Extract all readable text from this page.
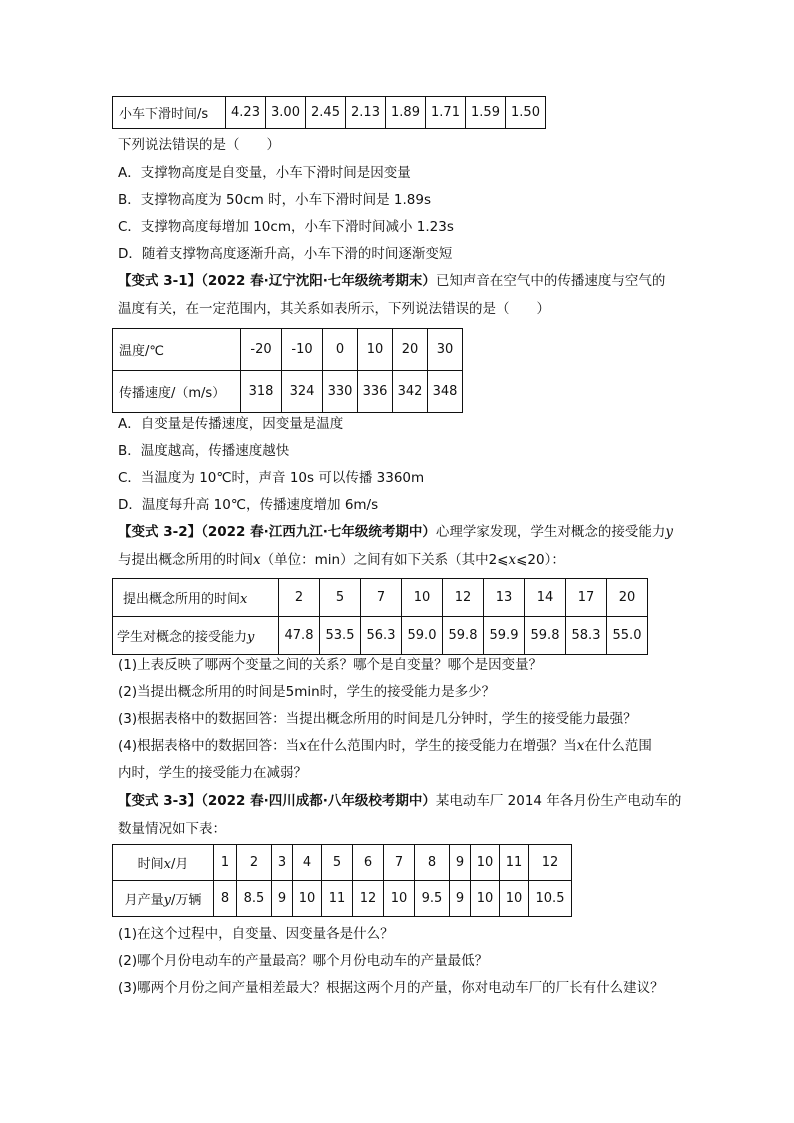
小车下滑时间/s	4.23	3.00	2.45	2.13	1.89	1.71	1.59	1.50
下列说法错误的是（　　）
A．支撑物高度是自变量，小车下滑时间是因变量
B．支撑物高度为 50cm 时，小车下滑时间是 1.89s
C．支撑物高度每增加 10cm，小车下滑时间减小 1.23s
D．随着支撑物高度逐渐升高，小车下滑的时间逐渐变短
【变式 3-1】（2022 春·辽宁沈阳·七年级统考期末）已知声音在空气中的传播速度与空气的
温度有关，在一定范围内，其关系如表所示，下列说法错误的是（　　）
温度/℃	-20	-10	0	10	20	30
传播速度/（m/s）	318	324	330	336	342	348
A．自变量是传播速度，因变量是温度
B．温度越高，传播速度越快
C．当温度为 10℃时，声音 10s 可以传播 3360m
D．温度每升高 10℃，传播速度增加 6m/s
【变式 3-2】（2022 春·江西九江·七年级统考期中）心理学家发现，学生对概念的接受能力y
与提出概念所用的时间x（单位：min）之间有如下关系（其中2⩽x⩽20）：
提出概念所用的时间x	2	5	7	10	12	13	14	17	20
学生对概念的接受能力y	47.8	53.5	56.3	59.0	59.8	59.9	59.8	58.3	55.0
(1)上表反映了哪两个变量之间的关系？哪个是自变量？哪个是因变量？
(2)当提出概念所用的时间是5min时，学生的接受能力是多少？
(3)根据表格中的数据回答：当提出概念所用的时间是几分钟时，学生的接受能力最强？
(4)根据表格中的数据回答：当x在什么范围内时，学生的接受能力在增强？当x在什么范围
内时，学生的接受能力在减弱？
【变式 3-3】（2022 春·四川成都·八年级校考期中）某电动车厂 2014 年各月份生产电动车的
数量情况如下表：
时间x/月	1	2	3	4	5	6	7	8	9	10	11	12
月产量y/万辆	8	8.5	9	10	11	12	10	9.5	9	10	10	10.5
(1)在这个过程中，自变量、因变量各是什么？
(2)哪个月份电动车的产量最高？哪个月份电动车的产量最低？
(3)哪两个月份之间产量相差最大？根据这两个月的产量，你对电动车厂的厂长有什么建议？
